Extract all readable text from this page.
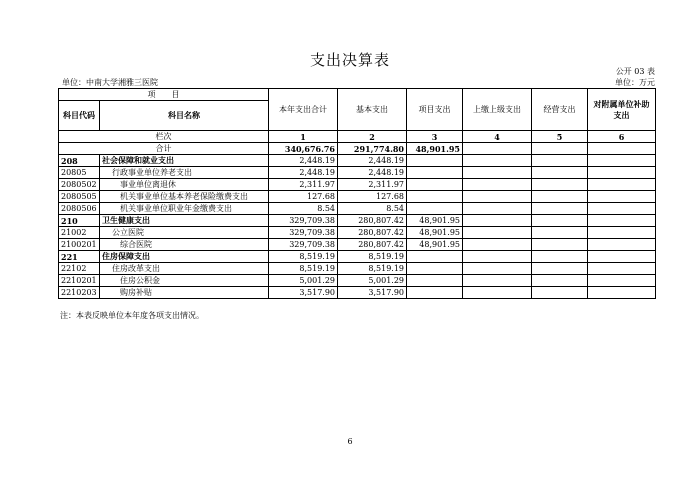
支出决算表
公开 03 表
单位：中南大学湘雅三医院	单位：万元
项　　目		本年支出合计	基本支出	项目支出	上缴上级支出	经营支出	对附属单位补助支出
科目代码	科目名称						
栏次		1	2	3	4	5	6
合计		340,676.76	291,774.80	48,901.95			
208	社会保障和就业支出	2,448.19	2,448.19				
20805	行政事业单位养老支出	2,448.19	2,448.19				
2080502	事业单位离退休	2,311.97	2,311.97				
2080505	机关事业单位基本养老保险缴费支出	127.68	127.68				
2080506	机关事业单位职业年金缴费支出	8.54	8.54				
210	卫生健康支出	329,709.38	280,807.42	48,901.95			
21002	公立医院	329,709.38	280,807.42	48,901.95			
2100201	综合医院	329,709.38	280,807.42	48,901.95			
221	住房保障支出	8,519.19	8,519.19				
22102	住房改革支出	8,519.19	8,519.19				
2210201	住房公积金	5,001.29	5,001.29				
2210203	购房补贴	3,517.90	3,517.90				
注：本表反映单位本年度各项支出情况。
6
